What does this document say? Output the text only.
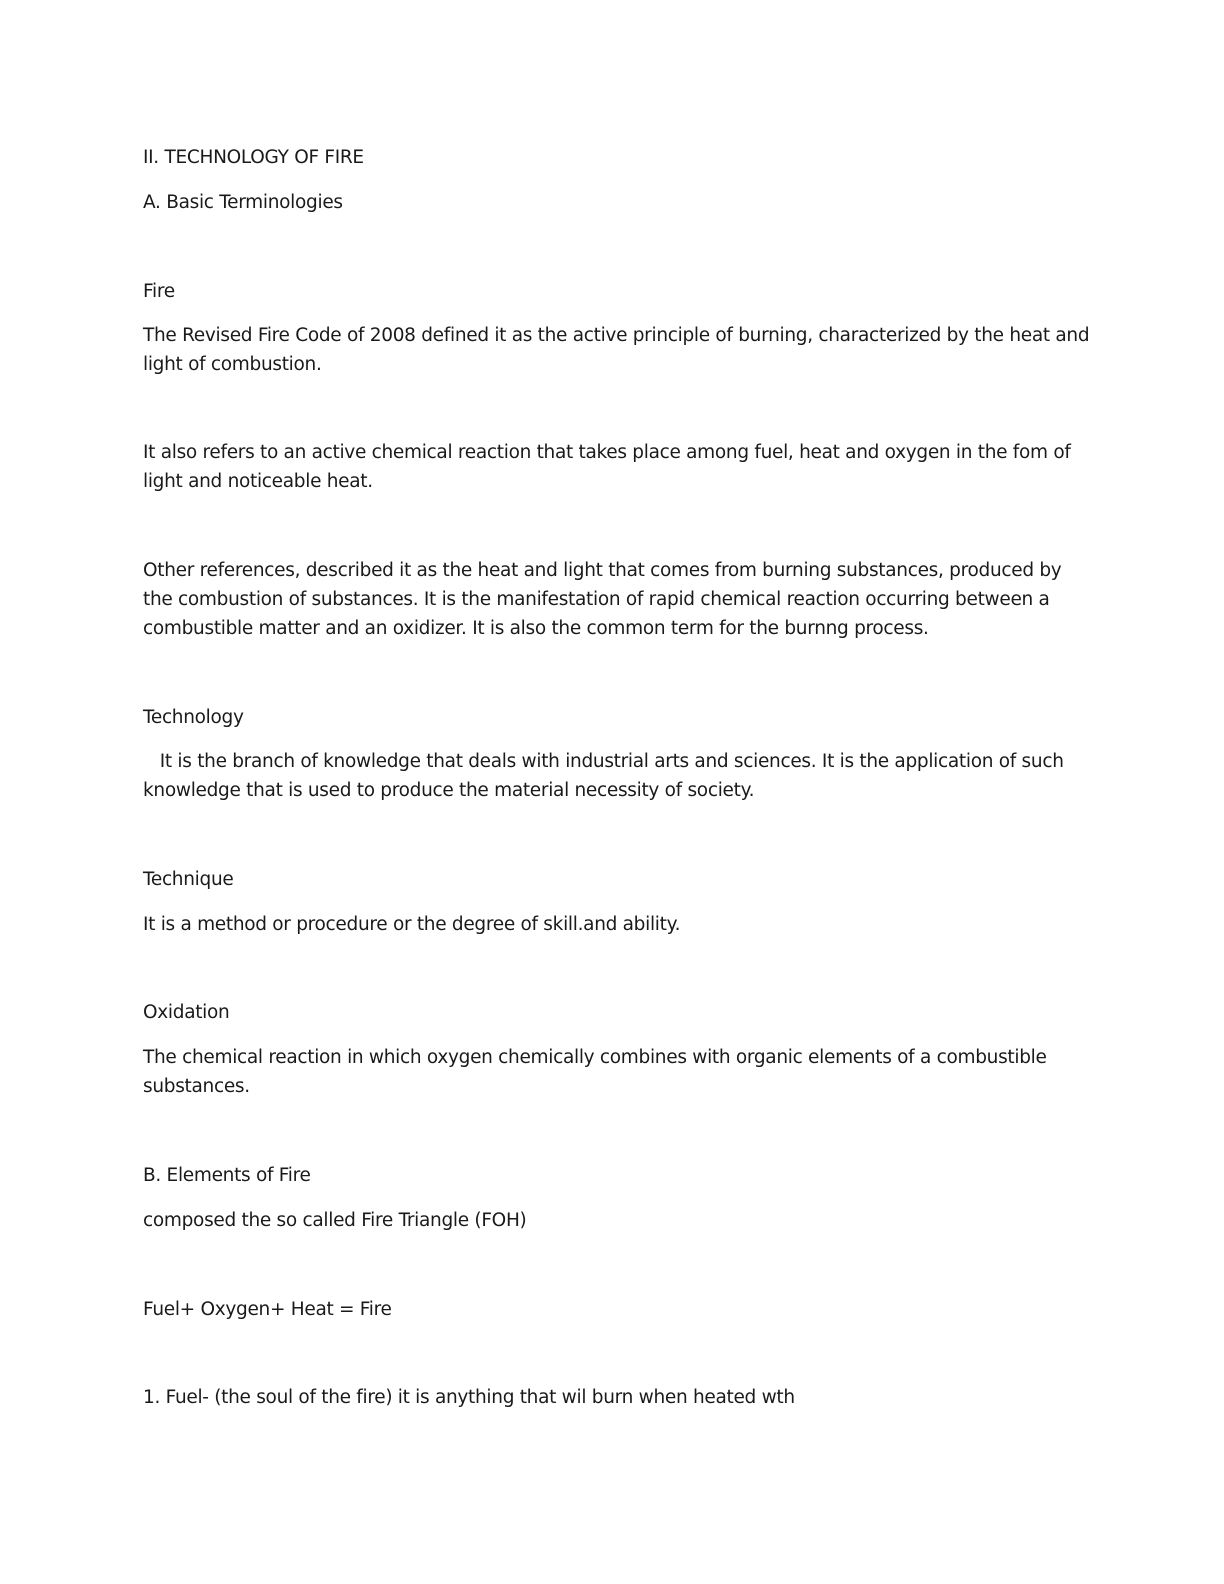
II. TECHNOLOGY OF FIRE

A. Basic Terminologies

Fire

The Revised Fire Code of 2008 defined it as the active principle of burning, characterized by the heat and

light of combustion.

It also refers to an active chemical reaction that takes place among fuel, heat and oxygen in the fom of

light and noticeable heat.

Other references, described it as the heat and light that comes from burning substances, produced by

the combustion of substances. It is the manifestation of rapid chemical reaction occurring between a

combustible matter and an oxidizer. It is also the common term for the burnng process.

Technology

It is the branch of knowledge that deals with industrial arts and sciences. It is the application of such

knowledge that is used to produce the material necessity of society.

Technique

It is a method or procedure or the degree of skill.and ability.

Oxidation

The chemical reaction in which oxygen chemically combines with organic elements of a combustible

substances.

B. Elements of Fire

composed the so called Fire Triangle (FOH)

Fuel+ Oxygen+ Heat = Fire

1. Fuel- (the soul of the fire) it is anything that wil burn when heated wth
